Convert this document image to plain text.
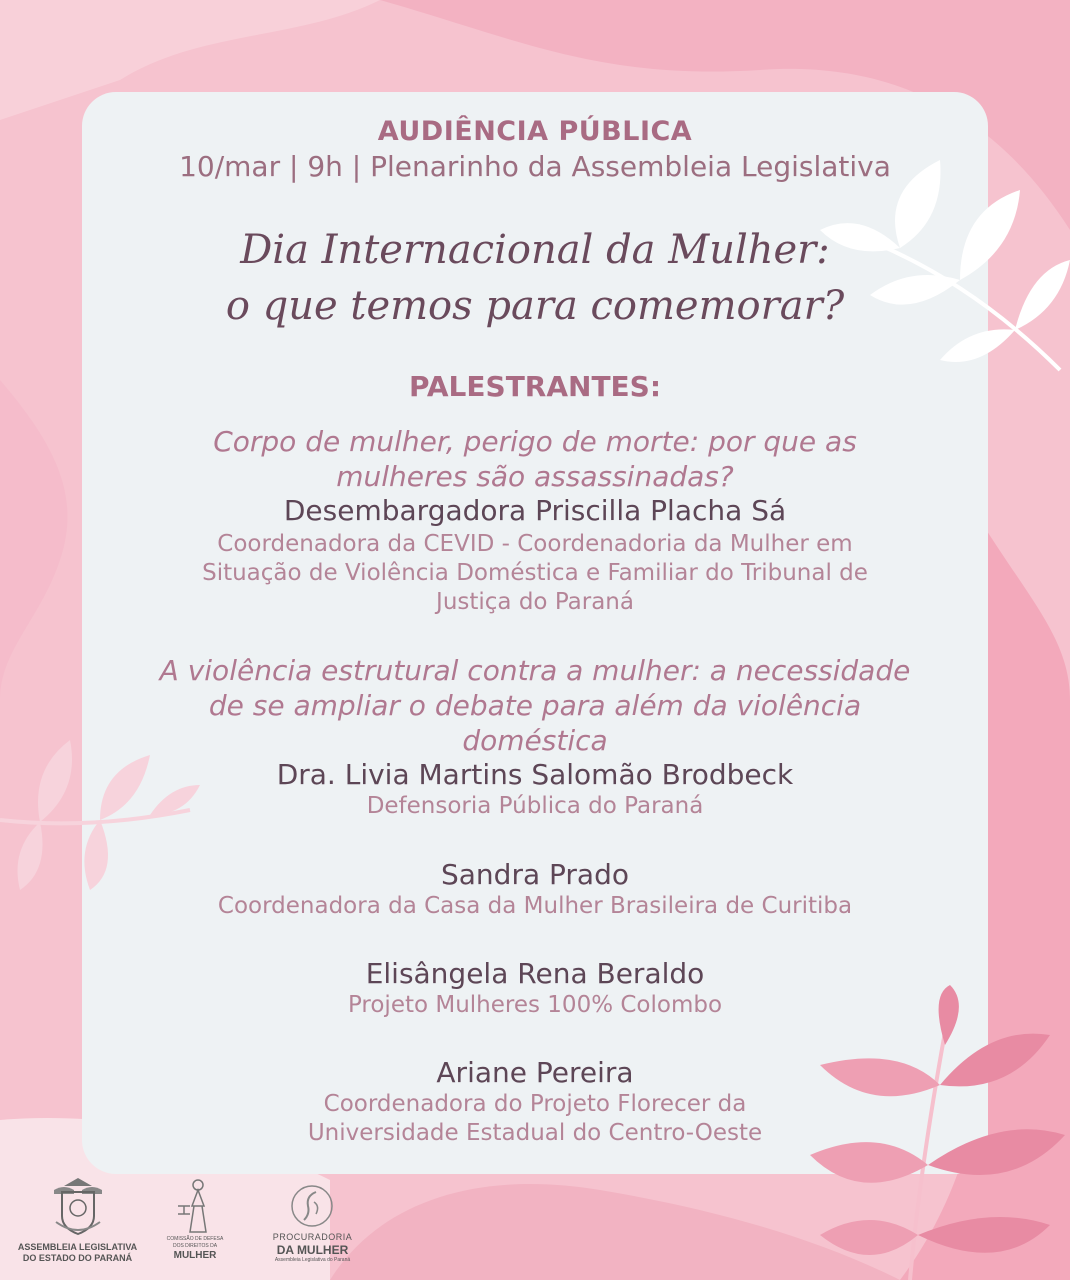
AUDIÊNCIA PÚBLICA
10/mar | 9h | Plenarinho da Assembleia Legislativa
Dia Internacional da Mulher:
o que temos para comemorar?
PALESTRANTES:
Corpo de mulher, perigo de morte: por que as
mulheres são assassinadas?
Desembargadora Priscilla Placha Sá
Coordenadora da CEVID - Coordenadoria da Mulher em
Situação de Violência Doméstica e Familiar do Tribunal de
Justiça do Paraná
A violência estrutural contra a mulher: a necessidade
de se ampliar o debate para além da violência
doméstica
Dra. Livia Martins Salomão Brodbeck
Defensoria Pública do Paraná
Sandra Prado
Coordenadora da Casa da Mulher Brasileira de Curitiba
Elisângela Rena Beraldo
Projeto Mulheres 100% Colombo
Ariane Pereira
Coordenadora do Projeto Florecer da
Universidade Estadual do Centro-Oeste
ASSEMBLEIA LEGISLATIVA
DO ESTADO DO PARANÁ
COMISSÃO DE DEFESA
DOS DIREITOS DA
MULHER
PROCURADORIA
DA MULHER
Assembleia Legislativa do Paraná
